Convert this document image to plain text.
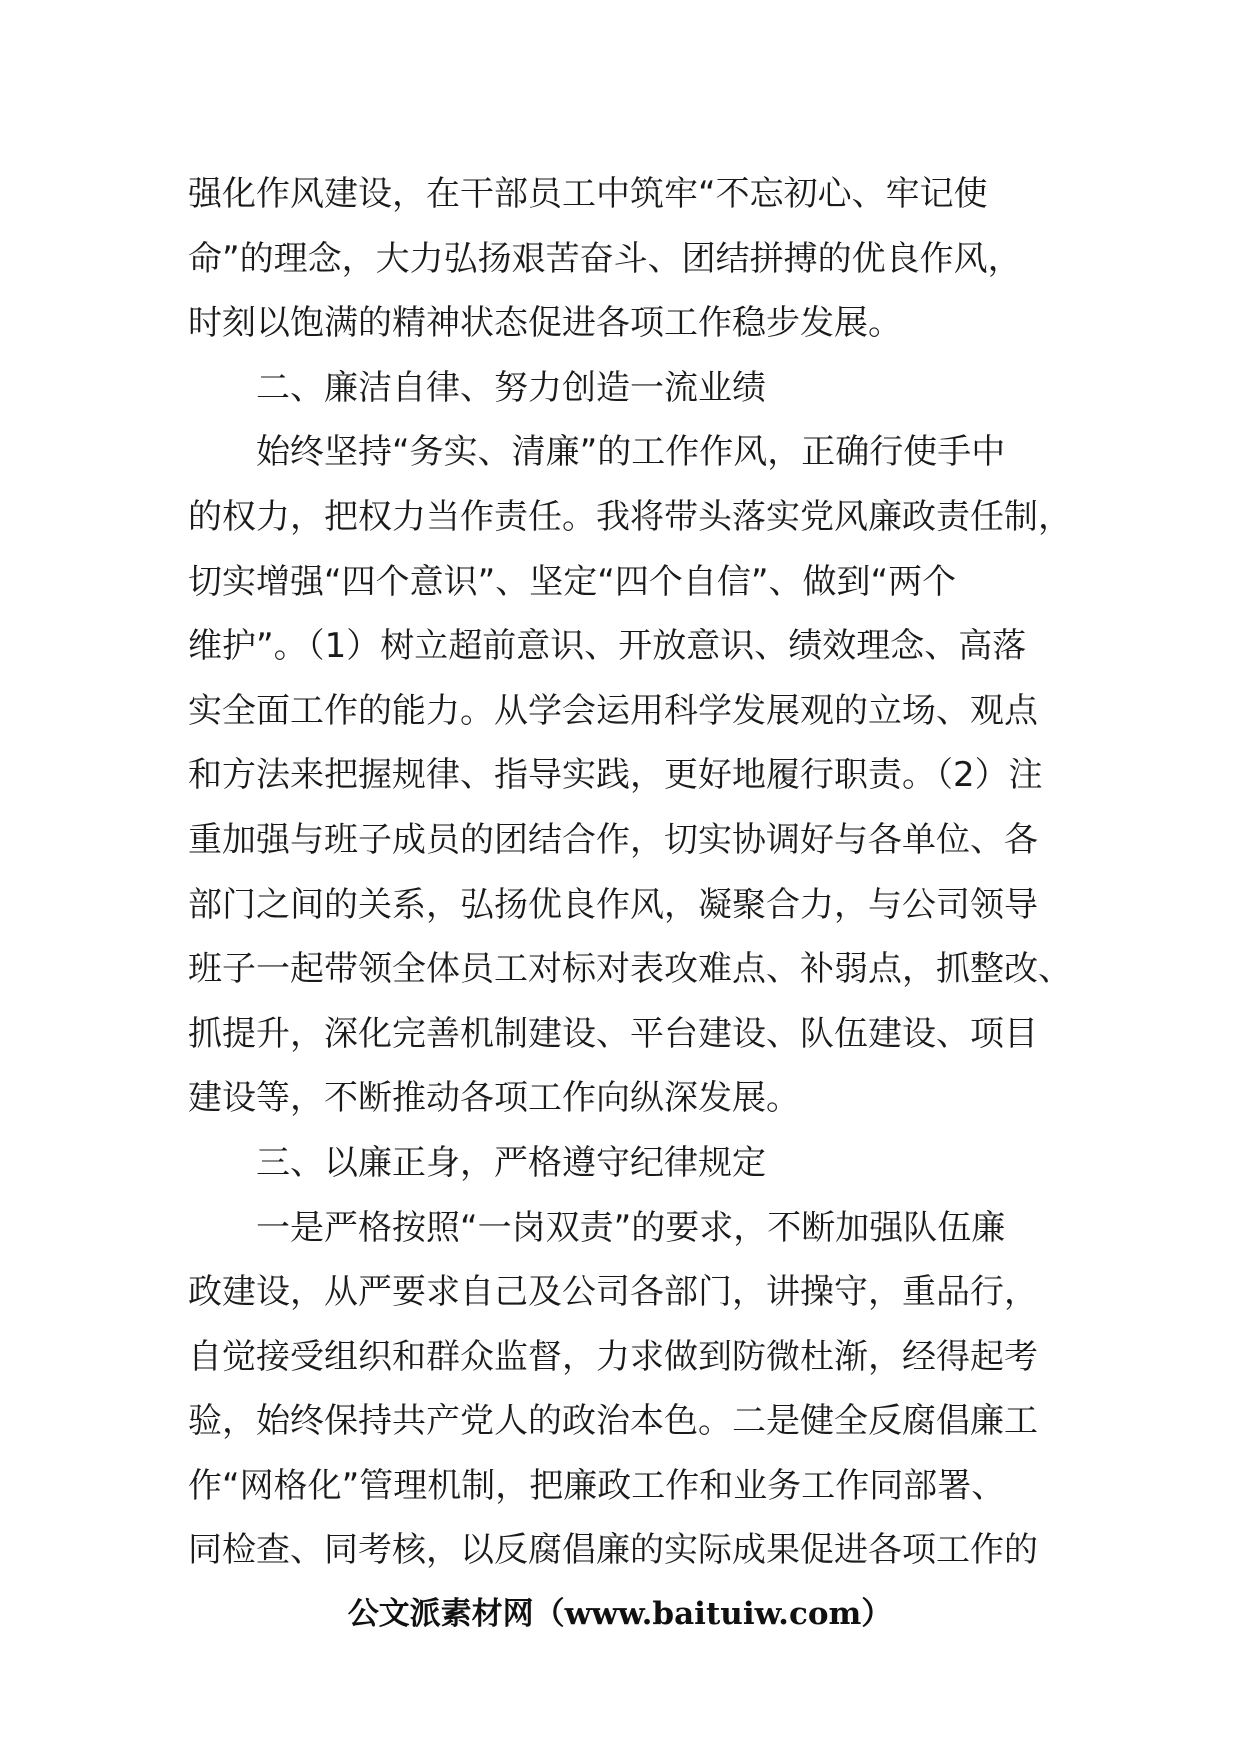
强化作风建设，在干部员工中筑牢“不忘初心、牢记使
命”的理念，大力弘扬艰苦奋斗、团结拼搏的优良作风，
时刻以饱满的精神状态促进各项工作稳步发展。
二、廉洁自律、努力创造一流业绩
始终坚持“务实、清廉”的工作作风，正确行使手中
的权力，把权力当作责任。我将带头落实党风廉政责任制，
切实增强“四个意识”、坚定“四个自信”、做到“两个
维护”。（1）树立超前意识、开放意识、绩效理念、高落
实全面工作的能力。从学会运用科学发展观的立场、观点
和方法来把握规律、指导实践，更好地履行职责。（2）注
重加强与班子成员的团结合作，切实协调好与各单位、各
部门之间的关系，弘扬优良作风，凝聚合力，与公司领导
班子一起带领全体员工对标对表攻难点、补弱点，抓整改、
抓提升，深化完善机制建设、平台建设、队伍建设、项目
建设等，不断推动各项工作向纵深发展。
三、以廉正身，严格遵守纪律规定
一是严格按照“一岗双责”的要求，不断加强队伍廉
政建设，从严要求自己及公司各部门，讲操守，重品行，
自觉接受组织和群众监督，力求做到防微杜渐，经得起考
验，始终保持共产党人的政治本色。二是健全反腐倡廉工
作“网格化”管理机制，把廉政工作和业务工作同部署、
同检查、同考核，以反腐倡廉的实际成果促进各项工作的
公文派素材网（www.baituiw.com）
